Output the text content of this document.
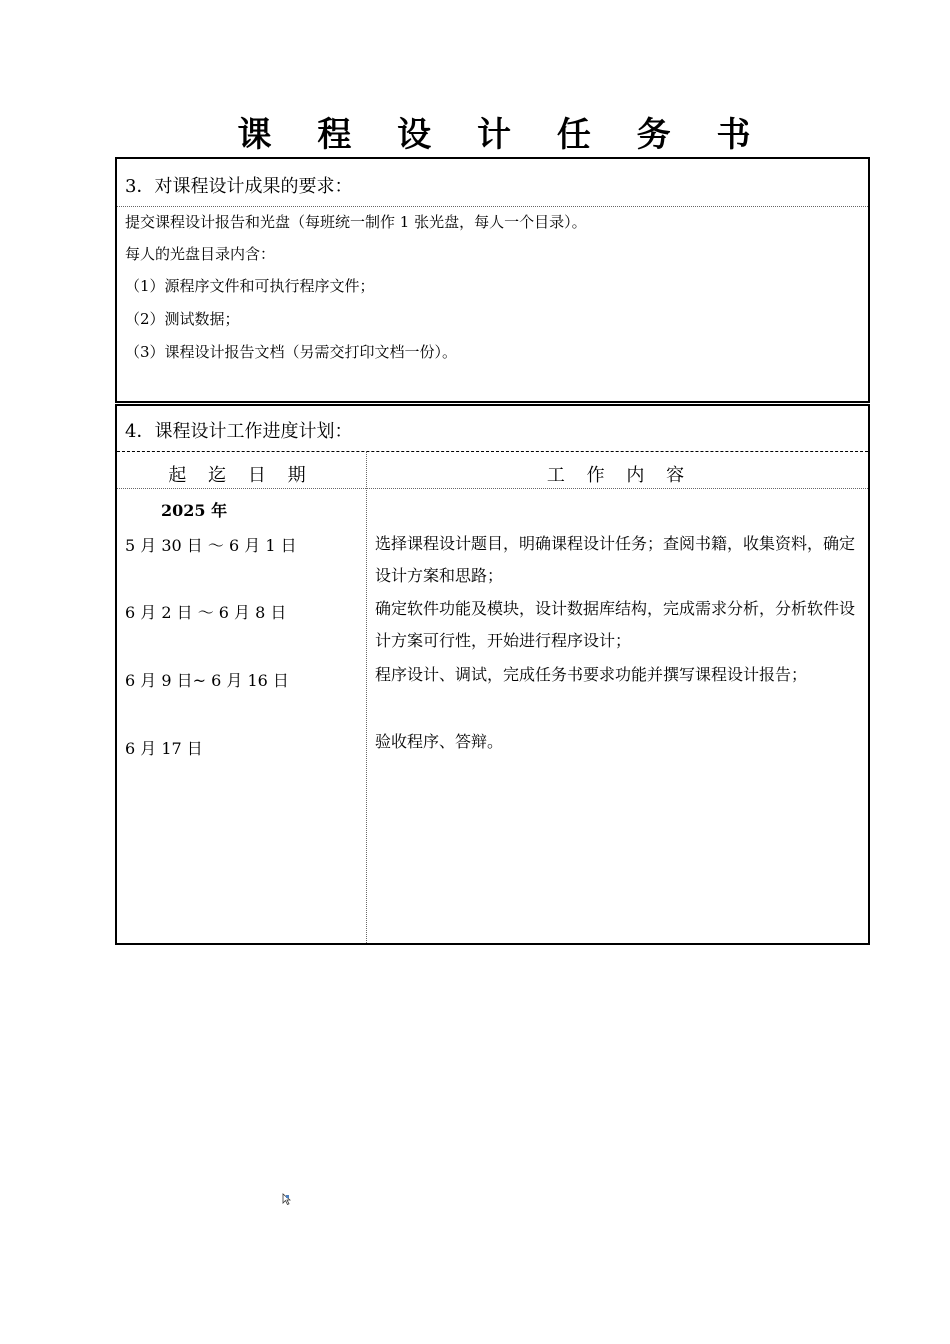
课 程 设 计 任 务 书
3．对课程设计成果的要求：
提交课程设计报告和光盘（每班统一制作 1 张光盘，每人一个目录）。
每人的光盘目录内含：
（1）源程序文件和可执行程序文件；
（2）测试数据；
（3）课程设计报告文档（另需交打印文档一份）。
4．课程设计工作进度计划：
起 迄 日 期	工 作 内 容
2025 年
5 月 30 日 ～ 6 月 1 日	选择课程设计题目，明确课程设计任务；查阅书籍，收集资料，确定设计方案和思路；
6 月 2 日 ～ 6 月 8 日	确定软件功能及模块，设计数据库结构，完成需求分析，分析软件设计方案可行性，开始进行程序设计；
6 月 9 日~ 6 月 16 日	程序设计、调试，完成任务书要求功能并撰写课程设计报告；
6 月 17 日	验收程序、答辩。
